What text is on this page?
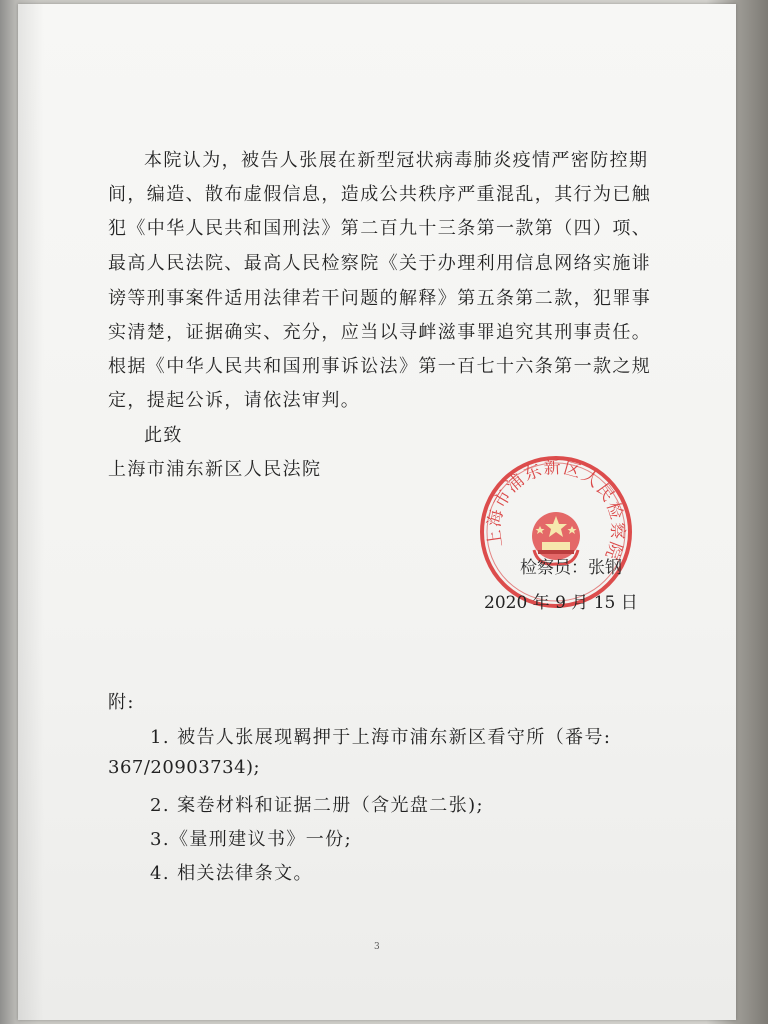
本院认为，被告人张展在新型冠状病毒肺炎疫情严密防控期
间，编造、散布虚假信息，造成公共秩序严重混乱，其行为已触
犯《中华人民共和国刑法》第二百九十三条第一款第（四）项、
最高人民法院、最高人民检察院《关于办理利用信息网络实施诽
谤等刑事案件适用法律若干问题的解释》第五条第二款，犯罪事
实清楚，证据确实、充分，应当以寻衅滋事罪追究其刑事责任。
根据《中华人民共和国刑事诉讼法》第一百七十六条第一款之规
定，提起公诉，请依法审判。
此致
上海市浦东新区人民法院
上海市浦东新区人民检察院
检察员：张钢
2020 年 9 月 15 日
附:
1. 被告人张展现羁押于上海市浦东新区看守所（番号:
367/20903734);
2. 案卷材料和证据二册（含光盘二张);
3.《量刑建议书》一份;
4. 相关法律条文。
3
